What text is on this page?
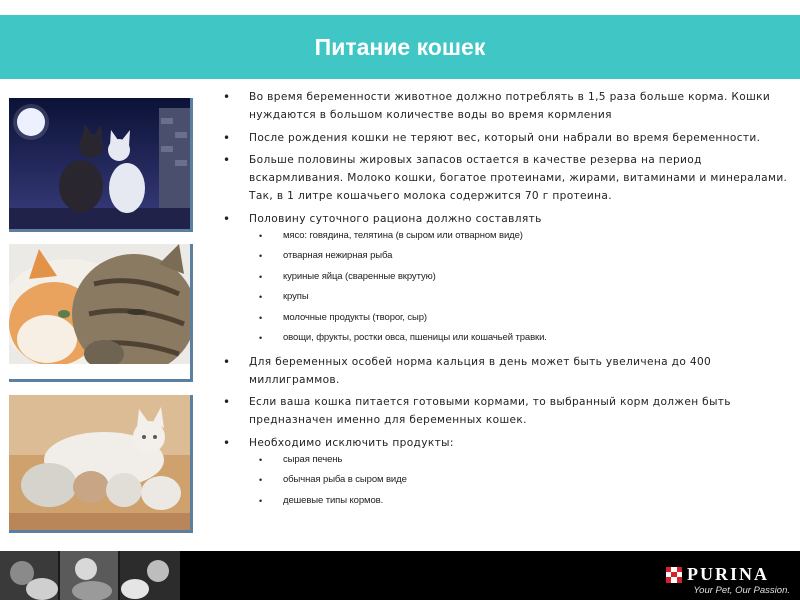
Питание кошек
• Во время беременности животное должно потреблять в 1,5 раза больше корма. Кошки нуждаются в большом количестве воды во время кормления
• После рождения кошки не теряют вес, который они набрали во время беременности.
• Больше половины жировых запасов остается в качестве резерва на период вскармливания. Молоко кошки, богатое протеинами, жирами, витаминами и минералами. Так, в 1 литре кошачьего молока содержится 70 г протеина.
• Половину суточного рациона должно составлять
• мясо: говядина, телятина (в сыром или отварном виде)
• отварная нежирная рыба
• куриные яйца (сваренные вкрутую)
• крупы
• молочные продукты (творог, сыр)
• овощи, фрукты, ростки овса, пшеницы или кошачьей травки.
• Для беременных особей норма кальция в день может быть увеличена до 400 миллиграммов.
• Если ваша кошка питается готовыми кормами, то выбранный корм должен быть предназначен именно для беременных кошек.
• Необходимо исключить продукты:
• сырая печень
• обычная рыба в сыром виде
• дешевые типы кормов.
PURINA
Your Pet, Our Passion.
